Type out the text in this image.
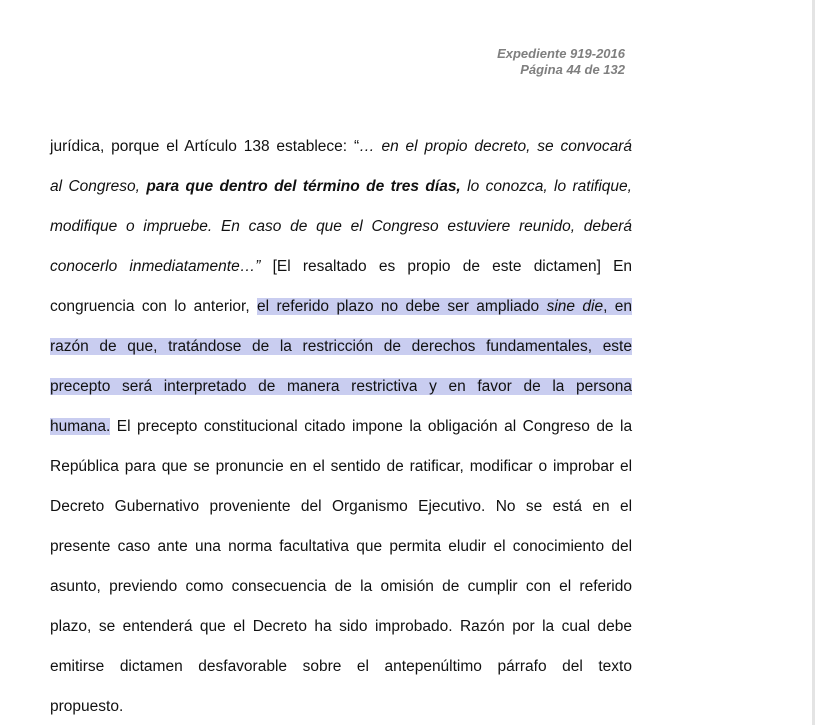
Expediente 919-2016
Página 44 de 132
jurídica, porque el Artículo 138 establece: “… en el propio decreto, se convocará
al Congreso, para que dentro del término de tres días, lo conozca, lo ratifique,
modifique o impruebe. En caso de que el Congreso estuviere reunido, deberá
conocerlo inmediatamente…” [El resaltado es propio de este dictamen] En
congruencia con lo anterior, el referido plazo no debe ser ampliado sine die, en
razón de que, tratándose de la restricción de derechos fundamentales, este
precepto será interpretado de manera restrictiva y en favor de la persona
humana. El precepto constitucional citado impone la obligación al Congreso de la
República para que se pronuncie en el sentido de ratificar, modificar o improbar el
Decreto Gubernativo proveniente del Organismo Ejecutivo. No se está en el
presente caso ante una norma facultativa que permita eludir el conocimiento del
asunto, previendo como consecuencia de la omisión de cumplir con el referido
plazo, se entenderá que el Decreto ha sido improbado. Razón por la cual debe
emitirse dictamen desfavorable sobre el antepenúltimo párrafo del texto
propuesto.
